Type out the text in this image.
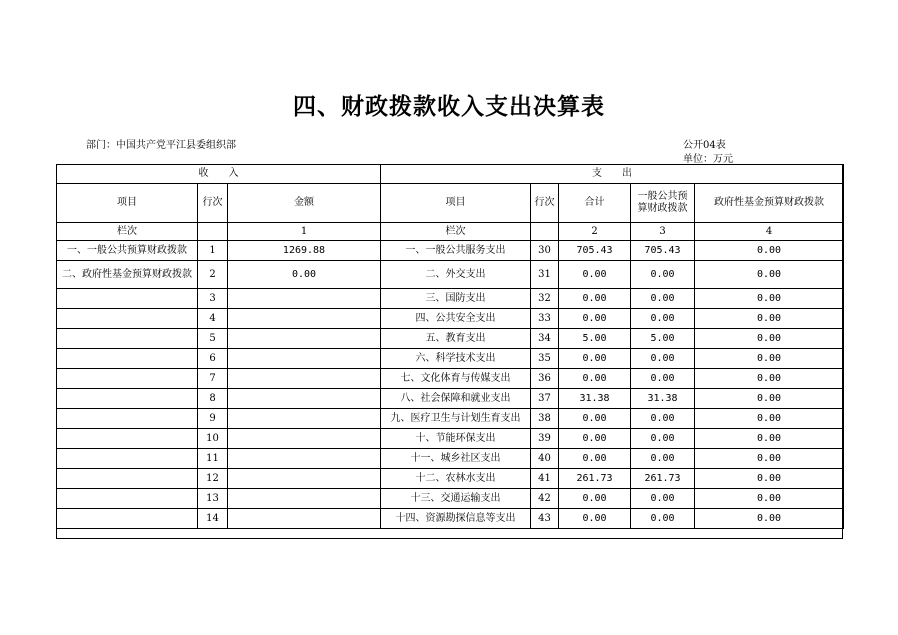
四、财政拨款收入支出决算表
部门：中国共产党平江县委组织部	公开04表
单位：万元
收　　入			支　　出				
项目	行次	金额	项目	行次	合计	一般公共预算财政拨款	政府性基金预算财政拨款
栏次		1	栏次		2	3	4
一、一般公共预算财政拨款	1	1269.88	一、一般公共服务支出	30	705.43	705.43	0.00
二、政府性基金预算财政拨款	2	0.00	二、外交支出	31	0.00	0.00	0.00
	3		三、国防支出	32	0.00	0.00	0.00
	4		四、公共安全支出	33	0.00	0.00	0.00
	5		五、教育支出	34	5.00	5.00	0.00
	6		六、科学技术支出	35	0.00	0.00	0.00
	7		七、文化体育与传媒支出	36	0.00	0.00	0.00
	8		八、社会保障和就业支出	37	31.38	31.38	0.00
	9		九、医疗卫生与计划生育支出	38	0.00	0.00	0.00
	10		十、节能环保支出	39	0.00	0.00	0.00
	11		十一、城乡社区支出	40	0.00	0.00	0.00
	12		十二、农林水支出	41	261.73	261.73	0.00
	13		十三、交通运输支出	42	0.00	0.00	0.00
	14		十四、资源勘探信息等支出	43	0.00	0.00	0.00
